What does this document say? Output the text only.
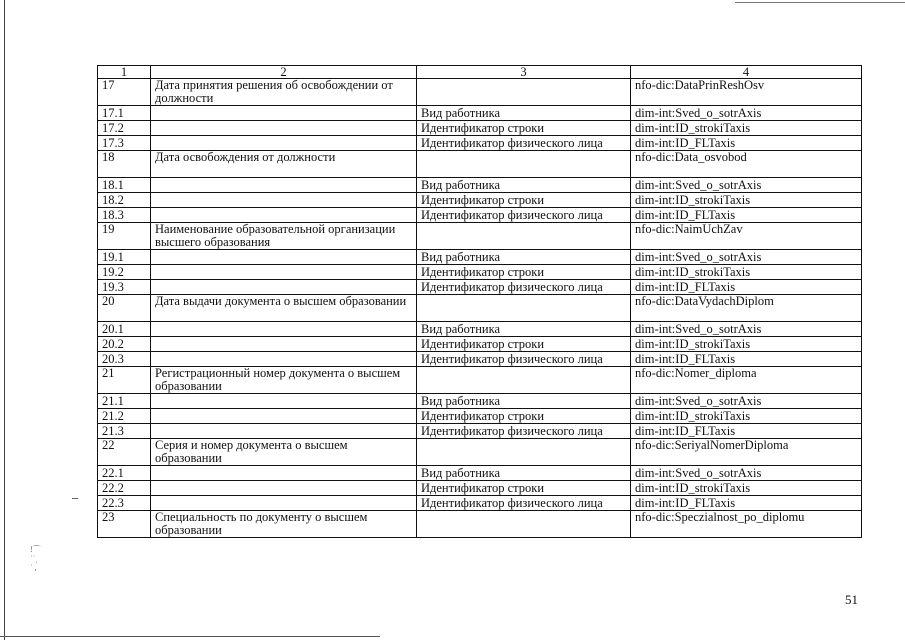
!⌒
˙˙ˌ
˙ ,
1	2	3	4
17	Дата принятия решения об освобождении от должности		nfo-dic:DataPrinReshOsv
17.1		Вид работника	dim-int:Sved_o_sotrAxis
17.2		Идентификатор строки	dim-int:ID_strokiTaxis
17.3		Идентификатор физического лица	dim-int:ID_FLTaxis
18	Дата освобождения от должности		nfo-dic:Data_osvobod
18.1		Вид работника	dim-int:Sved_o_sotrAxis
18.2		Идентификатор строки	dim-int:ID_strokiTaxis
18.3		Идентификатор физического лица	dim-int:ID_FLTaxis
19	Наименование образовательной организации высшего образования		nfo-dic:NaimUchZav
19.1		Вид работника	dim-int:Sved_o_sotrAxis
19.2		Идентификатор строки	dim-int:ID_strokiTaxis
19.3		Идентификатор физического лица	dim-int:ID_FLTaxis
20	Дата выдачи документа о высшем образовании		nfo-dic:DataVydachDiplom
20.1		Вид работника	dim-int:Sved_o_sotrAxis
20.2		Идентификатор строки	dim-int:ID_strokiTaxis
20.3		Идентификатор физического лица	dim-int:ID_FLTaxis
21	Регистрационный номер документа о высшем образовании		nfo-dic:Nomer_diploma
21.1		Вид работника	dim-int:Sved_o_sotrAxis
21.2		Идентификатор строки	dim-int:ID_strokiTaxis
21.3		Идентификатор физического лица	dim-int:ID_FLTaxis
22	Серия и номер документа о высшем образовании		nfo-dic:SeriyalNomerDiploma
22.1		Вид работника	dim-int:Sved_o_sotrAxis
22.2		Идентификатор строки	dim-int:ID_strokiTaxis
22.3		Идентификатор физического лица	dim-int:ID_FLTaxis
23	Специальность по документу о высшем образовании		nfo-dic:Speczialnost_po_diplomu
51
